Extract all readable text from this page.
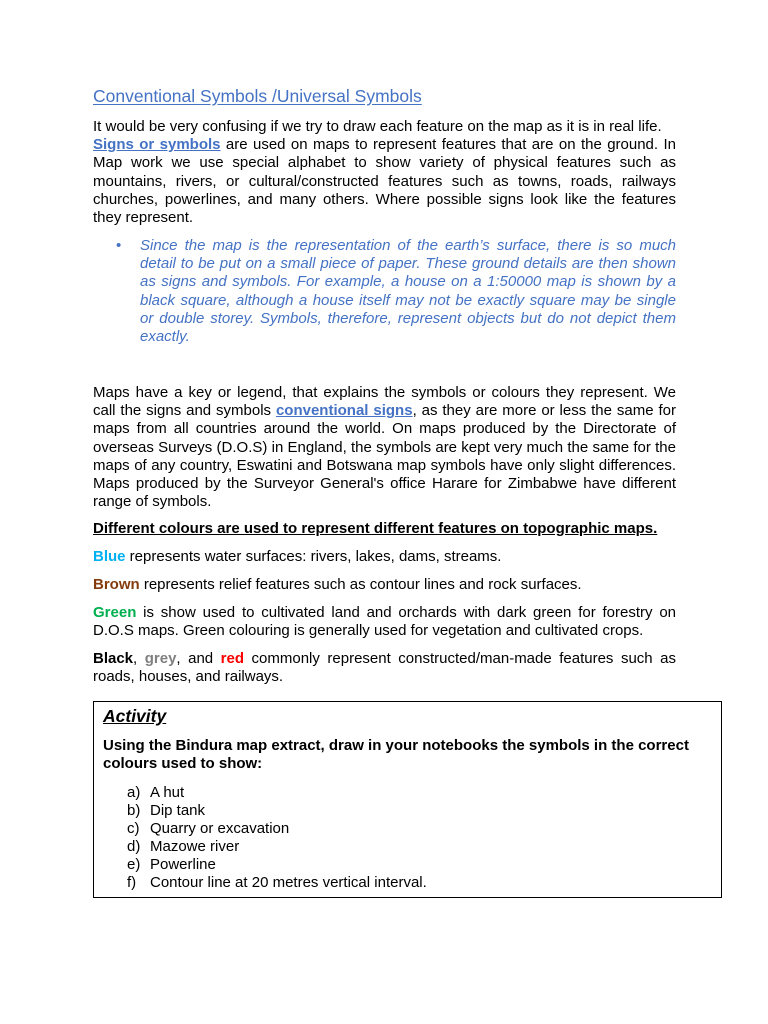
Conventional Symbols /Universal Symbols

It would be very confusing if we try to draw each feature on the map as it is in real life.
Signs or symbols are used on maps to represent features that are on the ground. In Map work we use special alphabet to show variety of physical features such as mountains, rivers, or cultural/constructed features such as towns, roads, railways churches, powerlines, and many others. Where possible signs look like the features they represent.

• Since the map is the representation of the earth’s surface, there is so much detail to be put on a small piece of paper. These ground details are then shown as signs and symbols. For example, a house on a 1:50000 map is shown by a black square, although a house itself may not be exactly square may be single or double storey. Symbols, therefore, represent objects but do not depict them exactly.

Maps have a key or legend, that explains the symbols or colours they represent. We call the signs and symbols conventional signs, as they are more or less the same for maps from all countries around the world. On maps produced by the Directorate of overseas Surveys (D.O.S) in England, the symbols are kept very much the same for the maps of any country, Eswatini and Botswana map symbols have only slight differences. Maps produced by the Surveyor General's office Harare for Zimbabwe have different range of symbols.

Different colours are used to represent different features on topographic maps.

Blue represents water surfaces: rivers, lakes, dams, streams.

Brown represents relief features such as contour lines and rock surfaces.

Green is show used to cultivated land and orchards with dark green for forestry on D.O.S maps. Green colouring is generally used for vegetation and cultivated crops.

Black, grey, and red commonly represent constructed/man-made features such as roads, houses, and railways.

Activity

Using the Bindura map extract, draw in your notebooks the symbols in the correct colours used to show:

a) A hut
b) Dip tank
c) Quarry or excavation
d) Mazowe river
e) Powerline
f) Contour line at 20 metres vertical interval.
